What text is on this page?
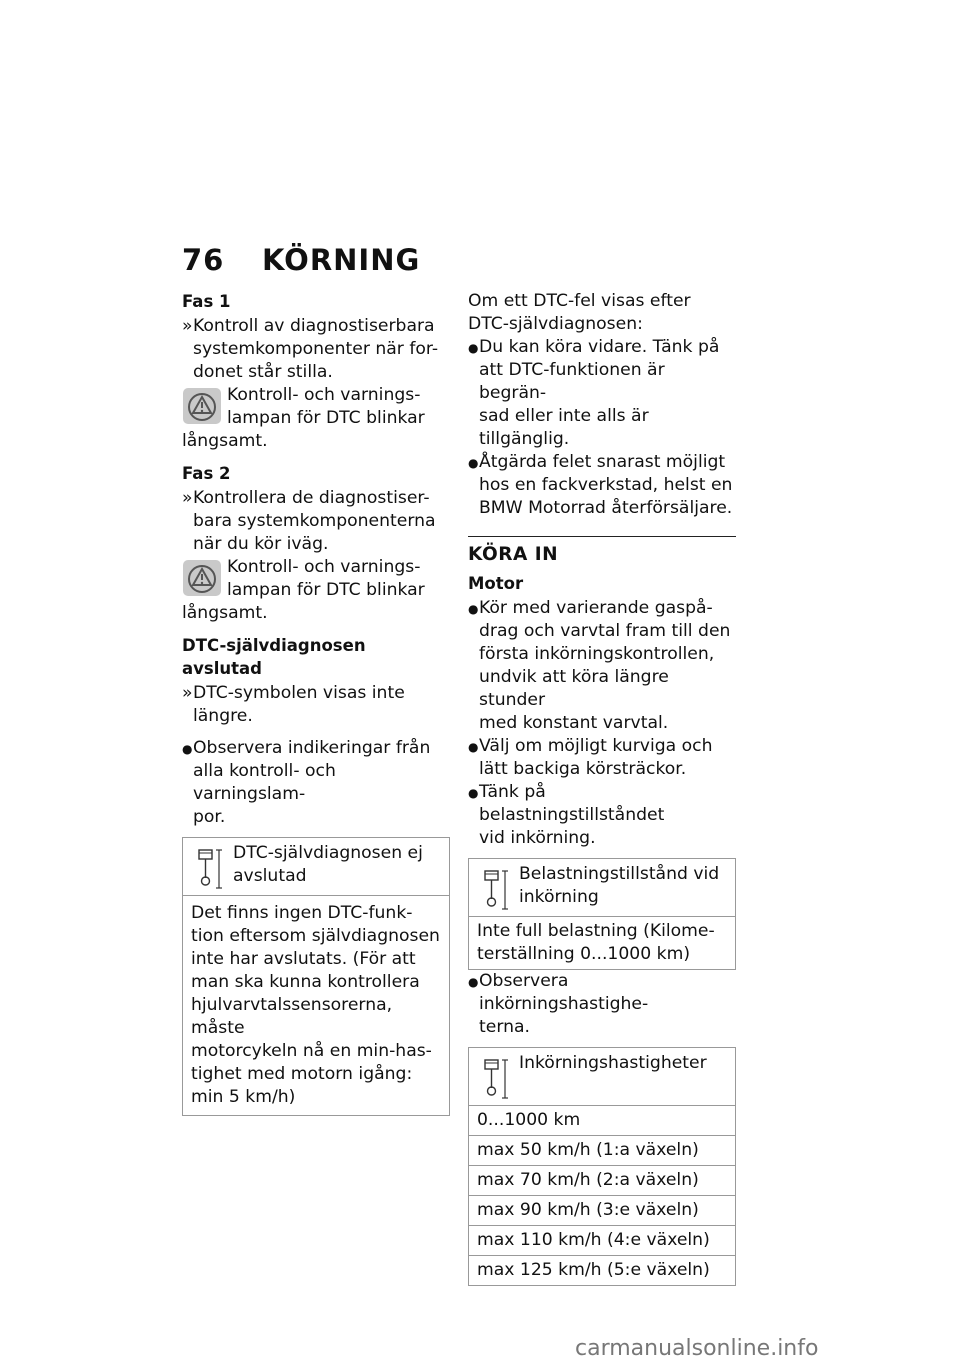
76 KÖRNING
Fas 1
» Kontroll av diagnostiserbara
systemkomponenter när for-
donet står stilla.
Kontroll- och varnings-
lampan för DTC blinkar
långsamt.
Fas 2
» Kontrollera de diagnostiser-
bara systemkomponenterna
när du kör iväg.
Kontroll- och varnings-
lampan för DTC blinkar
långsamt.
DTC-självdiagnosen avslutad
» DTC-symbolen visas inte
längre.
● Observera indikeringar från
alla kontroll- och varningslam-
por.
DTC-självdiagnosen ej
avslutad
Det finns ingen DTC-funk-
tion eftersom självdiagnosen
inte har avslutats. (För att
man ska kunna kontrollera
hjulvarvtalssensorerna, måste
motorcykeln nå en min-has-
tighet med motorn igång:
min 5 km/h)
Om ett DTC-fel visas efter
DTC-självdiagnosen:
● Du kan köra vidare. Tänk på
att DTC-funktionen är begrän-
sad eller inte alls är tillgänglig.
● Åtgärda felet snarast möjligt
hos en fackverkstad, helst en
BMW Motorrad återförsäljare.
KÖRA IN
Motor
● Kör med varierande gaspå-
drag och varvtal fram till den
första inkörningskontrollen,
undvik att köra längre stunder
med konstant varvtal.
● Välj om möjligt kurviga och
lätt backiga körsträckor.
● Tänk på belastningstillståndet
vid inkörning.
Belastningstillstånd vid
inkörning
Inte full belastning (Kilome-
terställning 0...1000 km)
● Observera inkörningshastighe-
terna.
Inkörningshastigheter
0...1000 km
max 50 km/h (1:a växeln)
max 70 km/h (2:a växeln)
max 90 km/h (3:e växeln)
max 110 km/h (4:e växeln)
max 125 km/h (5:e växeln)
carmanualsonline.info
